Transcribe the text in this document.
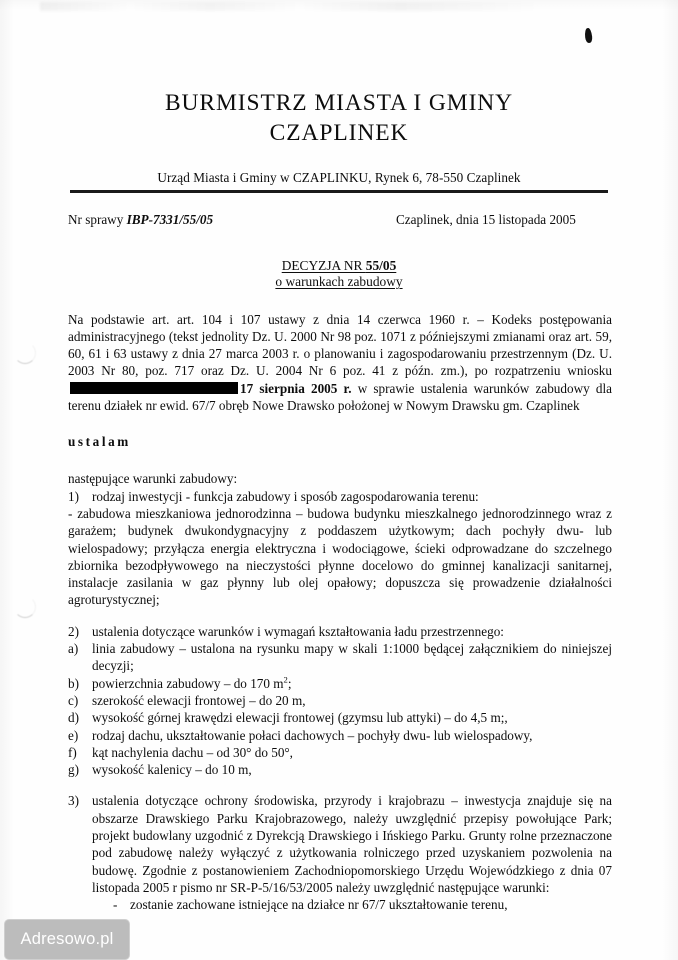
BURMISTRZ MIASTA I GMINY
CZAPLINEK
Urząd Miasta i Gminy w CZAPLINKU, Rynek 6, 78-550 Czaplinek
Nr sprawy IBP-7331/55/05	Czaplinek, dnia 15 listopada 2005
DECYZJA NR 55/05
o warunkach zabudowy

Na podstawie art. art. 104 i 107 ustawy z dnia 14 czerwca 1960 r. – Kodeks postępowania administracyjnego (tekst jednolity Dz. U. 2000 Nr 98 poz. 1071 z późniejszymi zmianami oraz art. 59, 60, 61 i 63 ustawy z dnia 27 marca 2003 r. o planowaniu i zagospodarowaniu przestrzennym (Dz. U. 2003 Nr 80, poz. 717 oraz Dz. U. 2004 Nr 6 poz. 41 z późn. zm.), po rozpatrzeniu wniosku17 sierpnia 2005 r. w sprawie ustalenia warunków zabudowy dla terenu działek nr ewid. 67/7 obręb Nowe Drawsko położonej w Nowym Drawsku gm. Czaplinek

ustalam
następujące warunki zabudowy:
1) rodzaj inwestycji - funkcja zabudowy i sposób zagospodarowania terenu:
- zabudowa mieszkaniowa jednorodzinna – budowa budynku mieszkalnego jednorodzinnego wraz z garażem; budynek dwukondygnacyjny z poddaszem użytkowym; dach pochyły dwu- lub wielospadowy; przyłącza energia elektryczna i wodociągowe, ścieki odprowadzane do szczelnego zbiornika bezodpływowego na nieczystości płynne docelowo do gminnej kanalizacji sanitarnej, instalacje zasilania w gaz płynny lub olej opałowy; dopuszcza się prowadzenie działalności agroturystycznej;
2) ustalenia dotyczące warunków i wymagań kształtowania ładu przestrzennego:
a) linia zabudowy – ustalona na rysunku mapy w skali 1:1000 będącej załącznikiem do niniejszej decyzji;
b) powierzchnia zabudowy – do 170 $m^2$;
c) szerokość elewacji frontowej – do 20 m,
d) wysokość górnej krawędzi elewacji frontowej (gzymsu lub attyki) – do 4,5 m;,
e) rodzaj dachu, ukształtowanie połaci dachowych – pochyły dwu- lub wielospadowy,
f) kąt nachylenia dachu – od 30° do 50°,
g) wysokość kalenicy – do 10 m,
3) ustalenia dotyczące ochrony środowiska, przyrody i krajobrazu – inwestycja znajduje się na obszarze Drawskiego Parku Krajobrazowego, należy uwzględnić przepisy powołujące Park; projekt budowlany uzgodnić z Dyrekcją Drawskiego i Ińskiego Parku. Grunty rolne przeznaczone pod zabudowę należy wyłączyć z użytkowania rolniczego przed uzyskaniem pozwolenia na budowę. Zgodnie z postanowieniem Zachodniopomorskiego Urzędu Wojewódzkiego z dnia 07 listopada 2005 r pismo nr SR-P-5/16/53/2005 należy uwzględnić następujące warunki:
- zostanie zachowane istniejące na działce nr 67/7 ukształtowanie terenu,
Adresowo.pl
